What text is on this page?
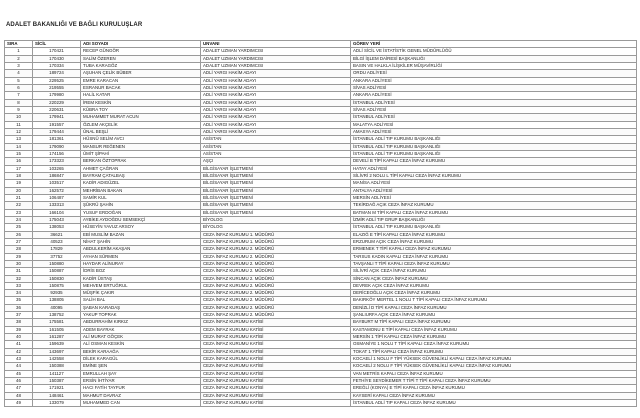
ADALET BAKANLIĞI VE BAĞLI KURULUŞLAR
SIRA	SİCİL	ADI SOYADI	UNVANI	GÖREV YERİ
1	170421	RECEP GÜNGÖR	ADALET UZMAN YARDIMCISI	ADLİ SİCİL VE İSTATİSTİK GENEL MÜDÜRLÜĞÜ
2	170430	SALİM ÖZEREN	ADALET UZMAN YARDIMCISI	BİLGİ İŞLEM DAİRESİ BAŞKANLIĞI
3	170334	TUBA KARAGÖZ	ADALET UZMAN YARDIMCISI	BASIN VE HALKLA İLİŞKİLER MÜŞAVİRLİĞİ
4	189724	AŞUHAN ÇELİK BÜBER	ADLİ YARGI HAKİM ADAYI	ORDU ADLİYESİ
5	229525	EMRE KARACAN	ADLİ YARGI HAKİM ADAYI	ANKARA ADLİYESİ
6	219555	ESRANUR BACAK	ADLİ YARGI HAKİM ADAYI	SİVAS ADLİYESİ
7	179980	HALİL KATAR	ADLİ YARGI HAKİM ADAYI	ANKARA ADLİYESİ
8	220229	İREM KESKİN	ADLİ YARGI HAKİM ADAYI	İSTANBUL ADLİYESİ
9	220631	KÜBRA TOY	ADLİ YARGI HAKİM ADAYI	SİVAS ADLİYESİ
10	179941	MUHAMMET MURAT ACUN	ADLİ YARGI HAKİM ADAYI	İSTANBUL ADLİYESİ
11	191557	ÖZLEM AKÇELİK	ADLİ YARGI HAKİM ADAYI	MALATYA ADLİYESİ
12	179444	ÜNAL BEŞLİ	ADLİ YARGI HAKİM ADAYI	AMASYA ADLİYESİ
13	181361	HÜSNÜ SELİM AVCI	ASİSTAN	İSTANBUL ADLİ TIP KURUMU BAŞKANLIĞI
14	179090	MANSUR REĞENEN	ASİSTAN	İSTANBUL ADLİ TIP KURUMU BAŞKANLIĞI
15	174156	ÜMİT ŞİPAHİ	ASİSTAN	İSTANBUL ADLİ TIP KURUMU BAŞKANLIĞI
16	173323	BERKAN ÖZTOPRAK	AŞÇI	DEVELİ B TİPİ KAPALI CEZA İNFAZ KURUMU
17	103265	AHMET ÇAĞRAN	BİLGİSAYAR İŞLETMENİ	HATAY ADLİYESİ
18	186847	BAYRAM ÇATALBAŞ	BİLGİSAYAR İŞLETMENİ	SİLİVRİ 2 NOLU L TİPİ KAPALI CEZA İNFAZ KURUMU
19	103517	KADİR ADIGÜZEL	BİLGİSAYAR İŞLETMENİ	MANİSA ADLİYESİ
20	162572	MEHRİBAN BAKAN	BİLGİSAYAR İŞLETMENİ	ANTALYA ADLİYESİ
21	106487	SAMİR KUL	BİLGİSAYAR İŞLETMENİ	MERSİN ADLİYESİ
22	133313	ŞÜKRÜ ŞAHİN	BİLGİSAYAR İŞLETMENİ	TEKİRDAĞ AÇIK CEZA İNFAZ KURUMU
23	166104	YUSUF ERDOĞAN	BİLGİSAYAR İŞLETMENİ	BATMAN M TİPİ KAPALI CEZA İNFAZ KURUMU
24	175043	AYBİKE AYDOĞDU SEMSEKÇİ	BİYOLOG	İZMİR ADLİ TIP GRUP BAŞKANLIĞI
25	138053	HÜSEYİN YAVUZ ARSOY	BİYOLOG	İSTANBUL ADLİ TIP KURUMU BAŞKANLIĞI
26	36621	EBİ MUSLİM BAZAN	CEZA İNFAZ KURUMU 1. MÜDÜRÜ	ELAZIĞ E TİPİ KAPALI CEZA İNFAZ KURUMU
27	40523	NİHAT ŞAHİN	CEZA İNFAZ KURUMU 1. MÜDÜRÜ	ERZURUM AÇIK CEZA İNFAZ KURUMU
28	17829	ABDULKERİM AKAŞAN	CEZA İNFAZ KURUMU 2. MÜDÜRÜ	ERMENEK T TİPİ KAPALI CEZA İNFAZ KURUMU
29	37752	AYHAN SÜRMEN	CEZA İNFAZ KURUMU 2. MÜDÜRÜ	TARSUS KADIN KAPALI CEZA İNFAZ KURUMU
30	150880	HAYDAR ALİNURAY	CEZA İNFAZ KURUMU 2. MÜDÜRÜ	TAVŞANLI T TİPİ KAPALI CEZA İNFAZ KURUMU
31	150887	İDRİS BOZ	CEZA İNFAZ KURUMU 2. MÜDÜRÜ	SİLİVRİ AÇIK CEZA İNFAZ KURUMU
32	150830	KADİR ÜSTAŞ	CEZA İNFAZ KURUMU 2. MÜDÜRÜ	SİNCAN AÇIK CEZA İNFAZ KURUMU
33	150875	MEHVEM ERTUĞRUL	CEZA İNFAZ KURUMU 2. MÜDÜRÜ	DEVREK AÇIK CEZA İNFAZ KURUMU
34	92935	MÜŞFİK ÇAKIR	CEZA İNFAZ KURUMU 2. MÜDÜRÜ	DERİCEOĞLU AÇIK CEZA İNFAZ KURUMU
35	138805	SALİH BAL	CEZA İNFAZ KURUMU 2. MÜDÜRÜ	BAKIRKÖY MERTEL 1 NOLU T TİPİ KAPALI CEZA İNFAZ KURUMU
36	40095	ŞABAN KARADAŞ	CEZA İNFAZ KURUMU 2. MÜDÜRÜ	DENİZLİ D TİPİ KAPALI CEZA İNFAZ KURUMU
37	138752	YAKUP TOPRAK	CEZA İNFAZ KURUMU 2. MÜDÜRÜ	ŞANLIURFA AÇIK CEZA İNFAZ KURUMU
38	175581	ABDURRAHİM KIRKIZ	CEZA İNFAZ KURUMU KATİBİ	BAYBURT M TİPİ KAPALI CEZA İNFAZ KURUMU
39	161505	ADEM BAYRAK	CEZA İNFAZ KURUMU KATİBİ	KASTAMONU E TİPİ KAPALI CEZA İNFAZ KURUMU
40	161287	ALİ MURAT GÖÇEK	CEZA İNFAZ KURUMU KATİBİ	MERSİN 1 TİPİ KAPALI CEZA İNFAZ KURUMU
41	159639	ALİ OSMAN KESKİN	CEZA İNFAZ KURUMU KATİBİ	OSMANİYE 1 NOLU T TİPİ KAPALI CEZA İNFAZ KURUMU
42	143697	BEKİR KARAAĞA	CEZA İNFAZ KURUMU KATİBİ	TOKAT 1 TİPİ KAPALI CEZA İNFAZ KURUMU
43	142558	DİLEK KARAGÜL	CEZA İNFAZ KURUMU KATİBİ	KOCAELİ 1 NOLU F TİPİ YÜKSEK GÜVENLİKLİ KAPALI CEZA İNFAZ KURUMU
44	150388	EMİNE ŞEN	CEZA İNFAZ KURUMU KATİBİ	KOCAELİ 2 NOLU F TİPİ YÜKSEK GÜVENLİKLİ KAPALI CEZA İNFAZ KURUMU
45	141127	EMRULLAH ŞAY	CEZA İNFAZ KURUMU KATİBİ	VAN METRİS KAPALI CEZA İNFAZ KURUMU
46	150387	ERSİN İHTİYAR	CEZA İNFAZ KURUMU KATİBİ	FETHİYE SEYDİKEMER T TİPİ T TİPİ KAPALI CEZA İNFAZ KURUMU
47	171921	HACI FATİH TAYFUR	CEZA İNFAZ KURUMU KATİBİ	EREĞLİ (KONYA) E TİPİ KAPALI CEZA İNFAZ KURUMU
48	148461	MAHMUT DAVRAZ	CEZA İNFAZ KURUMU KATİBİ	KAYSERİ KAPALI CEZA İNFAZ KURUMU
49	133079	MUHAMMED CAN	CEZA İNFAZ KURUMU KATİBİ	İSTANBUL ADLİ TIP KAPALI CEZA İNFAZ KURUMU
